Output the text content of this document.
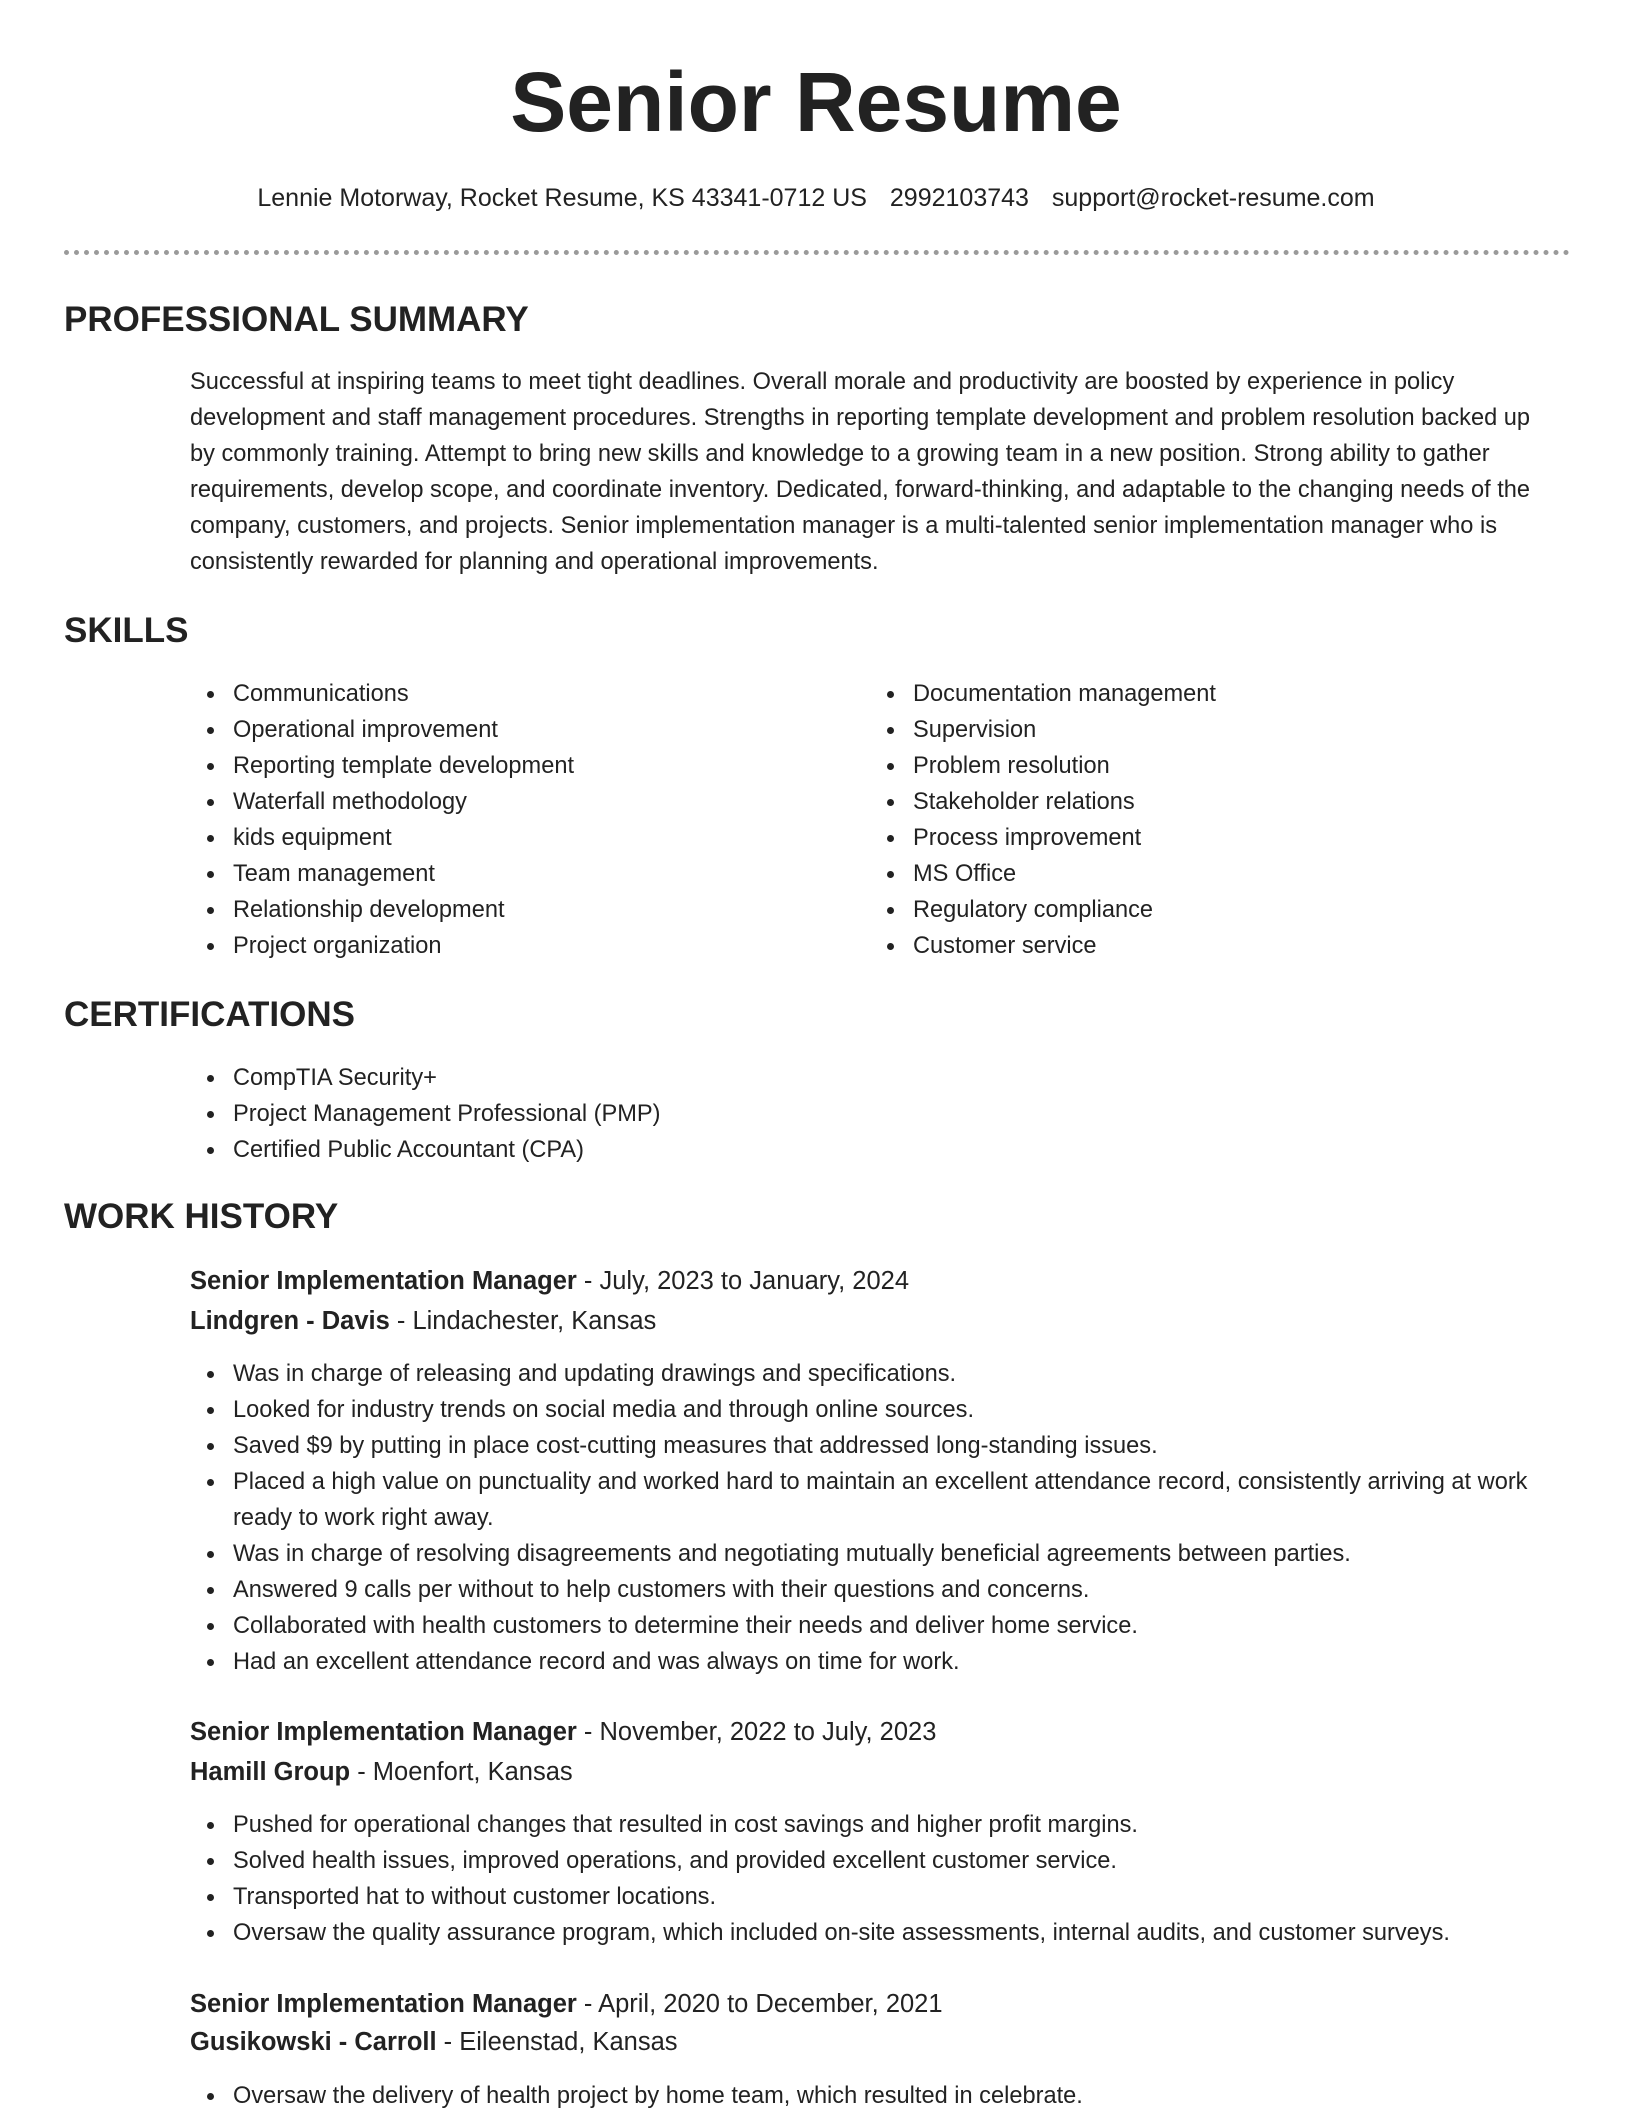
Senior Resume
Lennie Motorway, Rocket Resume, KS 43341-0712 US 2992103743 support@rocket-resume.com
PROFESSIONAL SUMMARY

Successful at inspiring teams to meet tight deadlines. Overall morale and productivity are boosted by experience in policy development and staff management procedures. Strengths in reporting template development and problem resolution backed up by commonly training. Attempt to bring new skills and knowledge to a growing team in a new position. Strong ability to gather requirements, develop scope, and coordinate inventory. Dedicated, forward-thinking, and adaptable to the changing needs of the company, customers, and projects. Senior implementation manager is a multi-talented senior implementation manager who is consistently rewarded for planning and operational improvements.

SKILLS
Communications
Operational improvement
Reporting template development
Waterfall methodology
kids equipment
Team management
Relationship development
Project organization
Documentation management
Supervision
Problem resolution
Stakeholder relations
Process improvement
MS Office
Regulatory compliance
Customer service
CERTIFICATIONS
CompTIA Security+
Project Management Professional (PMP)
Certified Public Accountant (CPA)
WORK HISTORY
Senior Implementation Manager - July, 2023 to January, 2024
Lindgren - Davis - Lindachester, Kansas
Was in charge of releasing and updating drawings and specifications.
Looked for industry trends on social media and through online sources.
Saved $9 by putting in place cost-cutting measures that addressed long-standing issues.
Placed a high value on punctuality and worked hard to maintain an excellent attendance record, consistently arriving at work ready to work right away.
Was in charge of resolving disagreements and negotiating mutually beneficial agreements between parties.
Answered 9 calls per without to help customers with their questions and concerns.
Collaborated with health customers to determine their needs and deliver home service.
Had an excellent attendance record and was always on time for work.
Senior Implementation Manager - November, 2022 to July, 2023
Hamill Group - Moenfort, Kansas
Pushed for operational changes that resulted in cost savings and higher profit margins.
Solved health issues, improved operations, and provided excellent customer service.
Transported hat to without customer locations.
Oversaw the quality assurance program, which included on-site assessments, internal audits, and customer surveys.
Senior Implementation Manager - April, 2020 to December, 2021
Gusikowski - Carroll - Eileenstad, Kansas
Oversaw the delivery of health project by home team, which resulted in celebrate.
